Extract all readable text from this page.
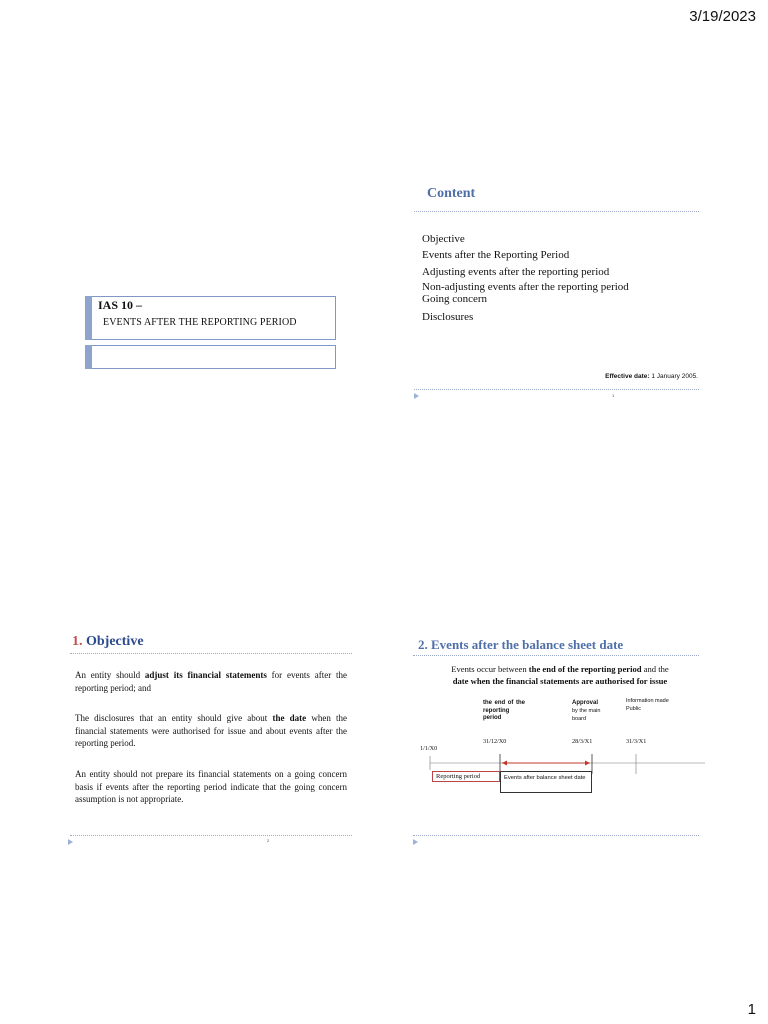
3/19/2023
1
IAS 10 –
EVENTS AFTER THE REPORTING PERIOD
Content
Objective
Events after the Reporting Period
Adjusting events after the reporting period
Non-adjusting events after the reporting period
Going concern
Disclosures
Effective date: 1 January 2005.
1
1. Objective
An entity should adjust its financial statements for events after the reporting period; and
The disclosures that an entity should give about the date when the financial statements were authorised for issue and about events after the reporting period.
An entity should not prepare its financial statements on a going concern basis if events after the reporting period indicate that the going concern assumption is not appropriate.
2
2. Events after the balance sheet date
Events occur between the end of the reporting period and the
date when the financial statements are authorised for issue
the end of the reporting period
31/12/X0
Approval
by the main board
28/3/X1
Information made Public
31/3/X1
1/1/X0
Reporting period	Events after balance sheet date
